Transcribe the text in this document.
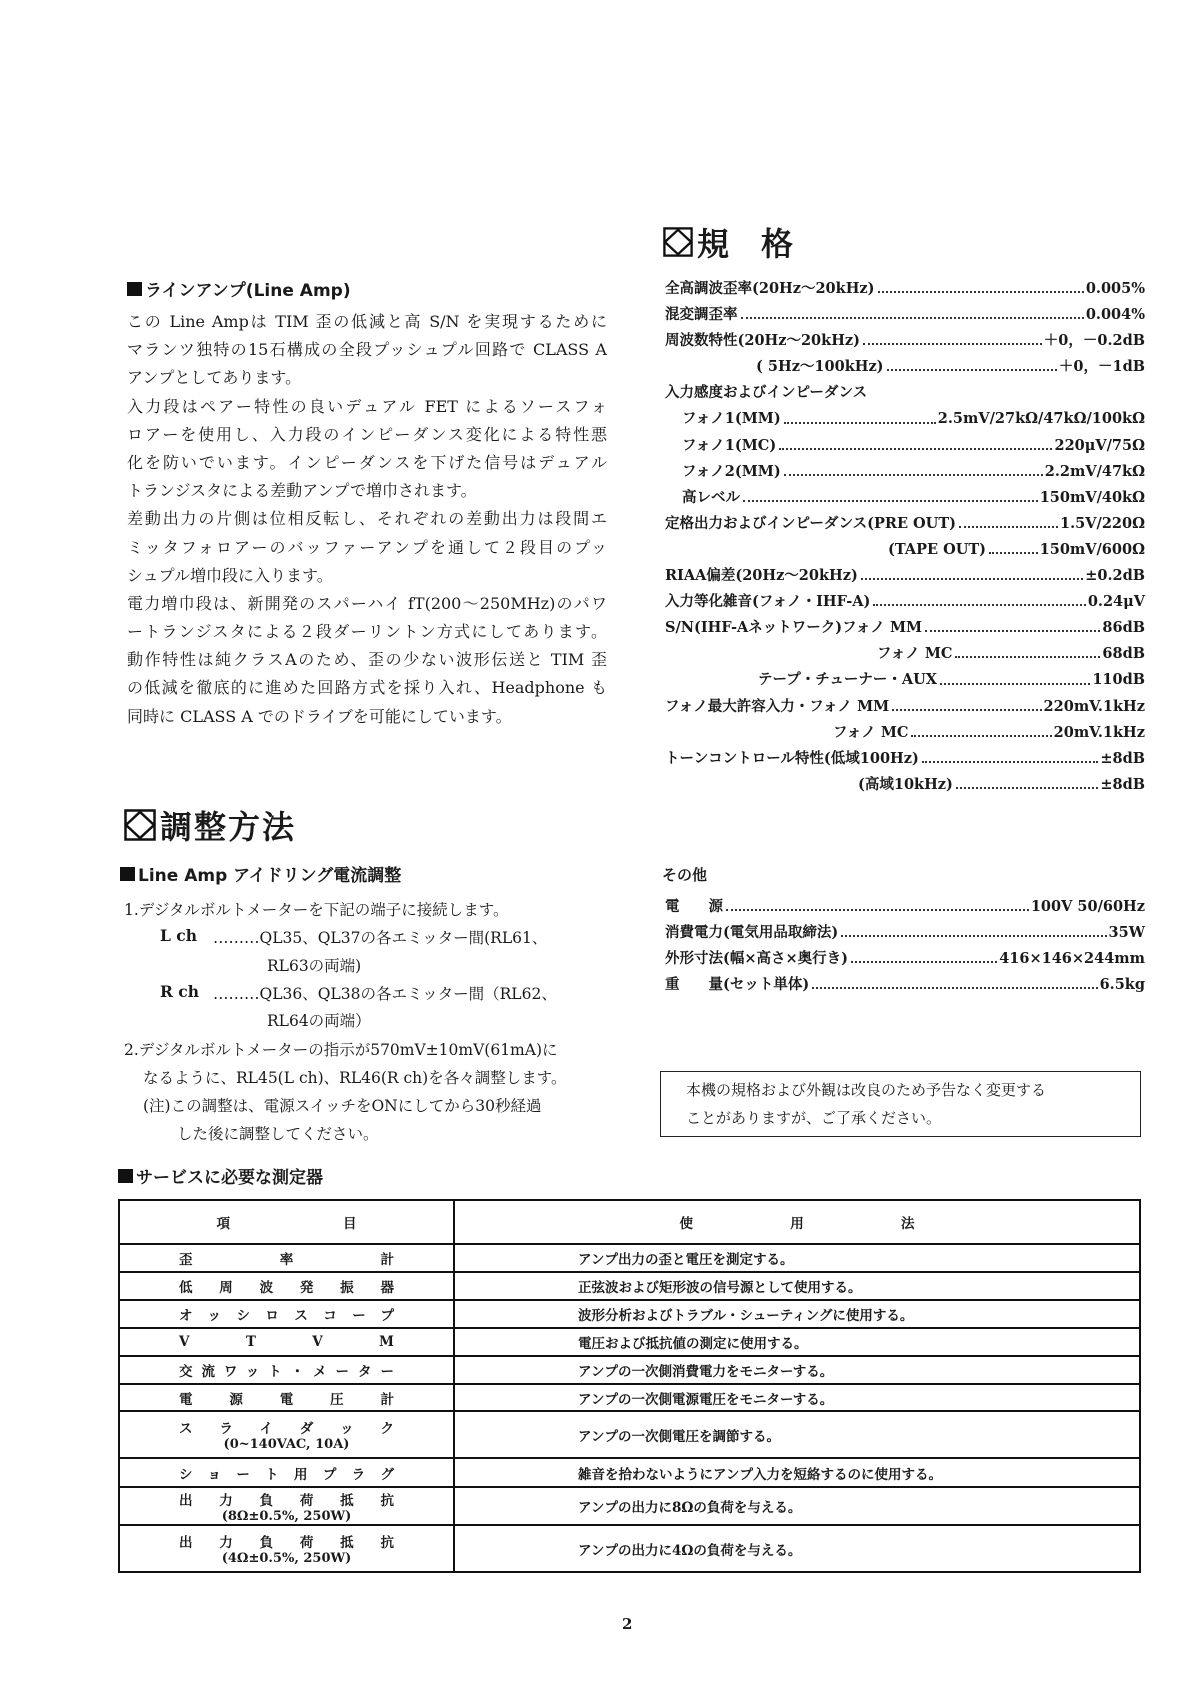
ラインアンプ(Line Amp)
この Line Ampは TIM 歪の低減と高 S/N を実現するために
マランツ独特の15石構成の全段プッシュプル回路で CLASS A
アンプとしてあります。
入力段はペアー特性の良いデュアル FET によるソースフォ
ロアーを使用し、入力段のインピーダンス変化による特性悪
化を防いでいます。インピーダンスを下げた信号はデュアル
トランジスタによる差動アンプで増巾されます。
差動出力の片側は位相反転し、それぞれの差動出力は段間エ
ミッタフォロアーのバッファーアンプを通して２段目のプッ
シュプル増巾段に入ります。
電力増巾段は、新開発のスパーハイ fT(200～250MHz)のパワ
ートランジスタによる２段ダーリントン方式にしてあります。
動作特性は純クラスAのため、歪の少ない波形伝送と TIM 歪
の低減を徹底的に進めた回路方式を採り入れ、Headphone も
同時に CLASS A でのドライブを可能にしています。
調整方法
Line Amp アイドリング電流調整
1.デジタルボルトメーターを下記の端子に接続します。
L ch ………QL35、QL37の各エミッター間(RL61、
RL63の両端)
R ch ………QL36、QL38の各エミッター間（RL62、
RL64の両端）
2.デジタルボルトメーターの指示が570mV±10mV(61mA)に
なるように、RL45(L ch)、RL46(R ch)を各々調整します。
(注)この調整は、電源スイッチをONにしてから30秒経過
した後に調整してください。
サービスに必要な測定器
項目	使用法

歪率計	アンプ出力の歪と電圧を測定する。

低周波発振器	正弦波および矩形波の信号源として使用する。

オッシロスコープ	波形分析およびトラブル・シューティングに使用する。

VTVM	電圧および抵抗値の測定に使用する。

交流ワット・メーター	アンプの一次側消費電力をモニターする。

電源電圧計	アンプの一次側電源電圧をモニターする。

スライダック
(0~140VAC, 10A)	アンプの一次側電圧を調節する。

ショート用プラグ	雑音を拾わないようにアンプ入力を短絡するのに使用する。

出力負荷抵抗
(8Ω±0.5%, 250W)	アンプの出力に8Ωの負荷を与える。

出力負荷抵抗
(4Ω±0.5%, 250W)	アンプの出力に4Ωの負荷を与える。
規　格
全高調波歪率(20Hz～20kHz)	0.005%
混変調歪率	0.004%
周波数特性(20Hz～20kHz)	＋0，－0.2dB
( 5Hz～100kHz)	＋0，－1dB
入力感度およびインピーダンス
フォノ1(MM)	2.5mV/27kΩ/47kΩ/100kΩ
フォノ1(MC)	220μV/75Ω
フォノ2(MM)	2.2mV/47kΩ
高レベル	150mV/40kΩ
定格出力およびインピーダンス(PRE OUT)	1.5V/220Ω
(TAPE OUT)	150mV/600Ω
RIAA偏差(20Hz～20kHz)	±0.2dB
入力等化雑音(フォノ・IHF-A)	0.24μV
S/N(IHF-Aネットワーク)フォノ MM	86dB
フォノ MC	68dB
テープ・チューナー・AUX	110dB
フォノ最大許容入力・フォノ MM	220mV.1kHz
フォノ MC	20mV.1kHz
トーンコントロール特性(低域100Hz)	±8dB
(高域10kHz)	±8dB
その他
電　　源	100V 50/60Hz
消費電力(電気用品取締法)	35W
外形寸法(幅×高さ×奥行き)	416×146×244mm
重　　量(セット単体)	6.5kg
本機の規格および外観は改良のため予告なく変更する
ことがありますが、ご了承ください。
2
